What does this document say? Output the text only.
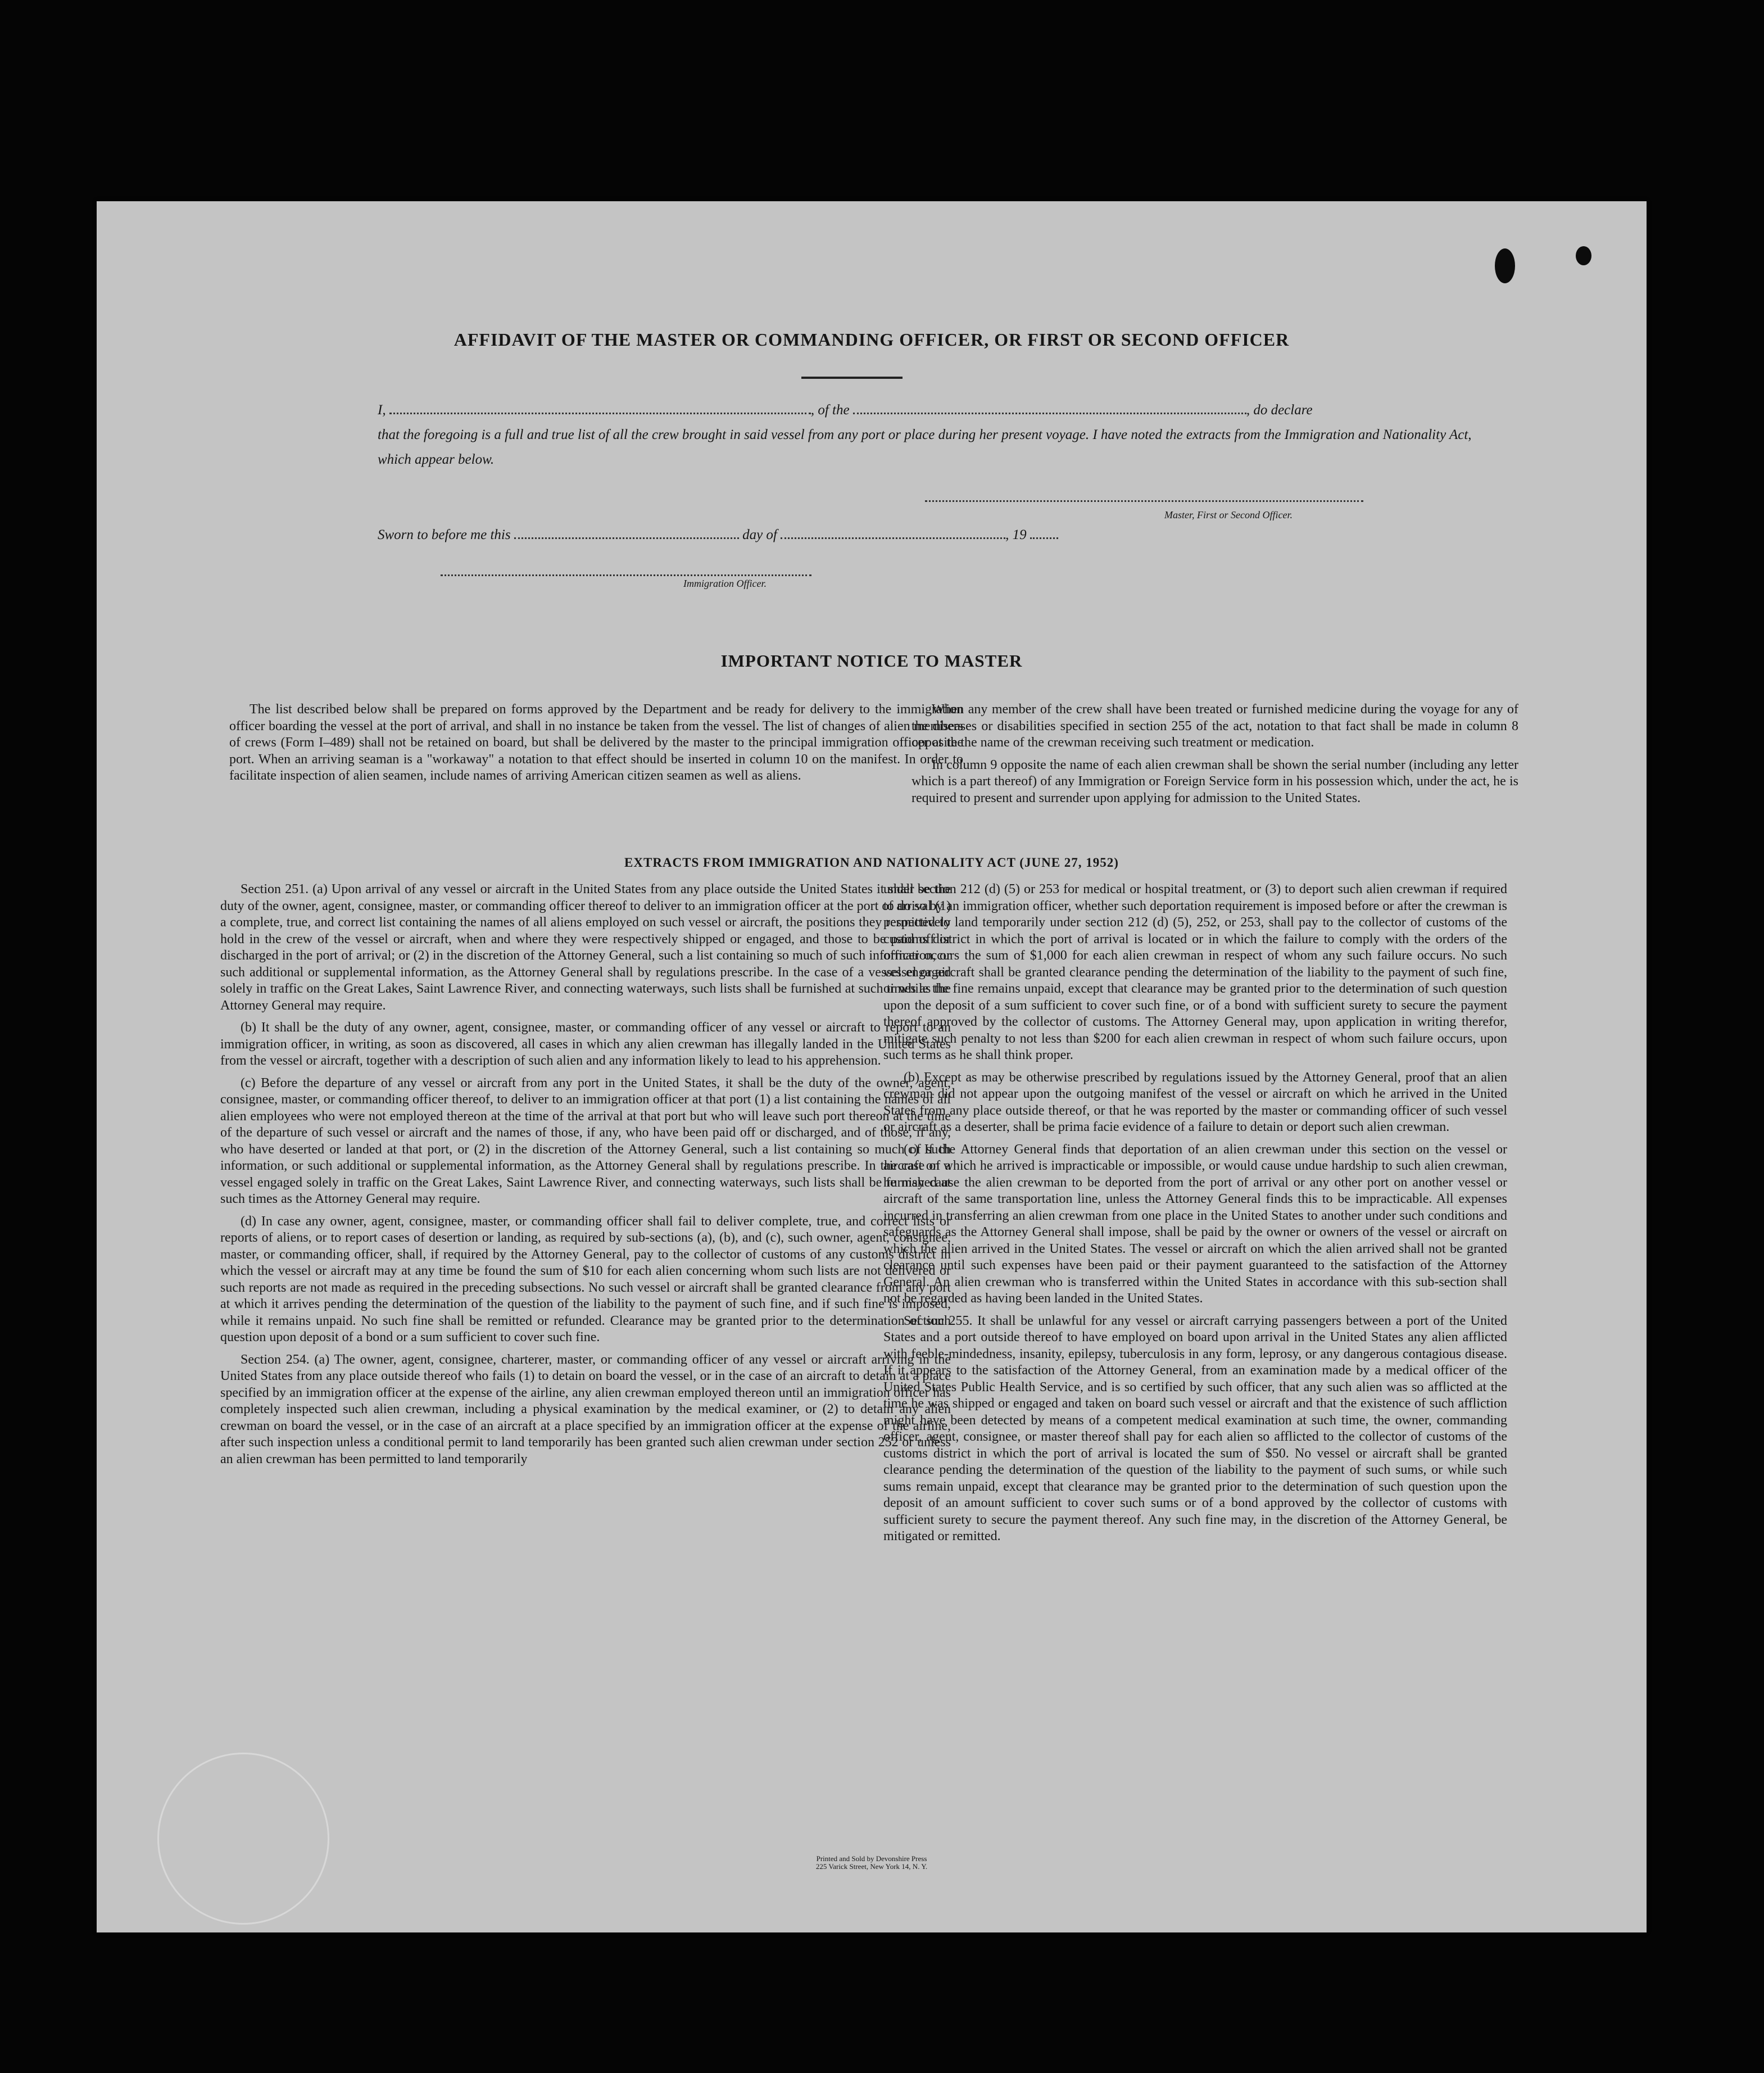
AFFIDAVIT OF THE MASTER OR COMMANDING OFFICER, OR FIRST OR SECOND OFFICER
I,	, of the	, do declare
that the foregoing is a full and true list of all the crew brought in said vessel from any port or place during her present voyage. I have noted the extracts from the Immigration and Nationality Act, which appear below.
Master, First or Second Officer.
Sworn to before me this	day of	, 19
Immigration Officer.
IMPORTANT NOTICE TO MASTER

The list described below shall be prepared on forms approved by the Department and be ready for delivery to the immigration officer boarding the vessel at the port of arrival, and shall in no instance be taken from the vessel. The list of changes of alien members of crews (Form I–489) shall not be retained on board, but shall be delivered by the master to the principal immigration officer at the port. When an arriving seaman is a "workaway" a notation to that effect should be inserted in column 10 on the manifest. In order to facilitate inspection of alien seamen, include names of arriving American citizen seamen as well as aliens.

When any member of the crew shall have been treated or furnished medicine during the voyage for any of the diseases or disabilities specified in section 255 of the act, notation to that fact shall be made in column 8 opposite the name of the crewman receiving such treatment or medication.

In column 9 opposite the name of each alien crewman shall be shown the serial number (including any letter which is a part thereof) of any Immigration or Foreign Service form in his possession which, under the act, he is required to present and surrender upon applying for admission to the United States.

EXTRACTS FROM IMMIGRATION AND NATIONALITY ACT (JUNE 27, 1952)

Section 251. (a) Upon arrival of any vessel or aircraft in the United States from any place outside the United States it shall be the duty of the owner, agent, consignee, master, or commanding officer thereof to deliver to an immigration officer at the port of arrival (1) a complete, true, and correct list containing the names of all aliens employed on such vessel or aircraft, the positions they respectively hold in the crew of the vessel or aircraft, when and where they were respectively shipped or engaged, and those to be paid off or discharged in the port of arrival; or (2) in the discretion of the Attorney General, such a list containing so much of such information, or such additional or supplemental information, as the Attorney General shall by regulations prescribe. In the case of a vessel engaged solely in traffic on the Great Lakes, Saint Lawrence River, and connecting waterways, such lists shall be furnished at such times as the Attorney General may require.

(b) It shall be the duty of any owner, agent, consignee, master, or commanding officer of any vessel or aircraft to report to an immigration officer, in writing, as soon as discovered, all cases in which any alien crewman has illegally landed in the United States from the vessel or aircraft, together with a description of such alien and any information likely to lead to his apprehension.

(c) Before the departure of any vessel or aircraft from any port in the United States, it shall be the duty of the owner, agent, consignee, master, or commanding officer thereof, to deliver to an immigration officer at that port (1) a list containing the names of all alien employees who were not employed thereon at the time of the arrival at that port but who will leave such port thereon at the time of the departure of such vessel or aircraft and the names of those, if any, who have been paid off or discharged, and of those, if any, who have deserted or landed at that port, or (2) in the discretion of the Attorney General, such a list containing so much of such information, or such additional or supplemental information, as the Attorney General shall by regulations prescribe. In the case of a vessel engaged solely in traffic on the Great Lakes, Saint Lawrence River, and connecting waterways, such lists shall be furnished at such times as the Attorney General may require.

(d) In case any owner, agent, consignee, master, or commanding officer shall fail to deliver complete, true, and correct lists or reports of aliens, or to report cases of desertion or landing, as required by sub-sections (a), (b), and (c), such owner, agent, consignee, master, or commanding officer, shall, if required by the Attorney General, pay to the collector of customs of any customs district in which the vessel or aircraft may at any time be found the sum of $10 for each alien concerning whom such lists are not delivered or such reports are not made as required in the preceding subsections. No such vessel or aircraft shall be granted clearance from any port at which it arrives pending the determination of the question of the liability to the payment of such fine, and if such fine is imposed, while it remains unpaid. No such fine shall be remitted or refunded. Clearance may be granted prior to the determination of such question upon deposit of a bond or a sum sufficient to cover such fine.

Section 254. (a) The owner, agent, consignee, charterer, master, or commanding officer of any vessel or aircraft arriving in the United States from any place outside thereof who fails (1) to detain on board the vessel, or in the case of an aircraft to detain at a place specified by an immigration officer at the expense of the airline, any alien crewman employed thereon until an immigration officer has completely inspected such alien crewman, including a physical examination by the medical examiner, or (2) to detain any alien crewman on board the vessel, or in the case of an aircraft at a place specified by an immigration officer at the expense of the airline, after such inspection unless a conditional permit to land temporarily has been granted such alien crewman under section 252 or unless an alien crewman has been permitted to land temporarily

under section 212 (d) (5) or 253 for medical or hospital treatment, or (3) to deport such alien crewman if required to do so by an immigration officer, whether such deportation requirement is imposed before or after the crewman is permitted to land temporarily under section 212 (d) (5), 252, or 253, shall pay to the collector of customs of the customs district in which the port of arrival is located or in which the failure to comply with the orders of the officer occurs the sum of $1,000 for each alien crewman in respect of whom any such failure occurs. No such vessel or aircraft shall be granted clearance pending the determination of the liability to the payment of such fine, or while the fine remains unpaid, except that clearance may be granted prior to the determination of such question upon the deposit of a sum sufficient to cover such fine, or of a bond with sufficient surety to secure the payment thereof approved by the collector of customs. The Attorney General may, upon application in writing therefor, mitigate such penalty to not less than $200 for each alien crewman in respect of whom such failure occurs, upon such terms as he shall think proper.

(b) Except as may be otherwise prescribed by regulations issued by the Attorney General, proof that an alien crewman did not appear upon the outgoing manifest of the vessel or aircraft on which he arrived in the United States from any place outside thereof, or that he was reported by the master or commanding officer of such vessel or aircraft as a deserter, shall be prima facie evidence of a failure to detain or deport such alien crewman.

(c) If the Attorney General finds that deportation of an alien crewman under this section on the vessel or aircraft on which he arrived is impracticable or impossible, or would cause undue hardship to such alien crewman, he may cause the alien crewman to be deported from the port of arrival or any other port on another vessel or aircraft of the same transportation line, unless the Attorney General finds this to be impracticable. All expenses incurred in transferring an alien crewman from one place in the United States to another under such conditions and safeguards as the Attorney General shall impose, shall be paid by the owner or owners of the vessel or aircraft on which the alien arrived in the United States. The vessel or aircraft on which the alien arrived shall not be granted clearance until such expenses have been paid or their payment guaranteed to the satisfaction of the Attorney General. An alien crewman who is transferred within the United States in accordance with this sub-section shall not be regarded as having been landed in the United States.

Section 255. It shall be unlawful for any vessel or aircraft carrying passengers between a port of the United States and a port outside thereof to have employed on board upon arrival in the United States any alien afflicted with feeble-mindedness, insanity, epilepsy, tuberculosis in any form, leprosy, or any dangerous contagious disease. If it appears to the satisfaction of the Attorney General, from an examination made by a medical officer of the United States Public Health Service, and is so certified by such officer, that any such alien was so afflicted at the time he was shipped or engaged and taken on board such vessel or aircraft and that the existence of such affliction might have been detected by means of a competent medical examination at such time, the owner, commanding officer, agent, consignee, or master thereof shall pay for each alien so afflicted to the collector of customs of the customs district in which the port of arrival is located the sum of $50. No vessel or aircraft shall be granted clearance pending the determination of the question of the liability to the payment of such sums, or while such sums remain unpaid, except that clearance may be granted prior to the determination of such question upon the deposit of an amount sufficient to cover such sums or of a bond approved by the collector of customs with sufficient surety to secure the payment thereof. Any such fine may, in the discretion of the Attorney General, be mitigated or remitted.

Printed and Sold by Devonshire Press
225 Varick Street, New York 14, N. Y.
